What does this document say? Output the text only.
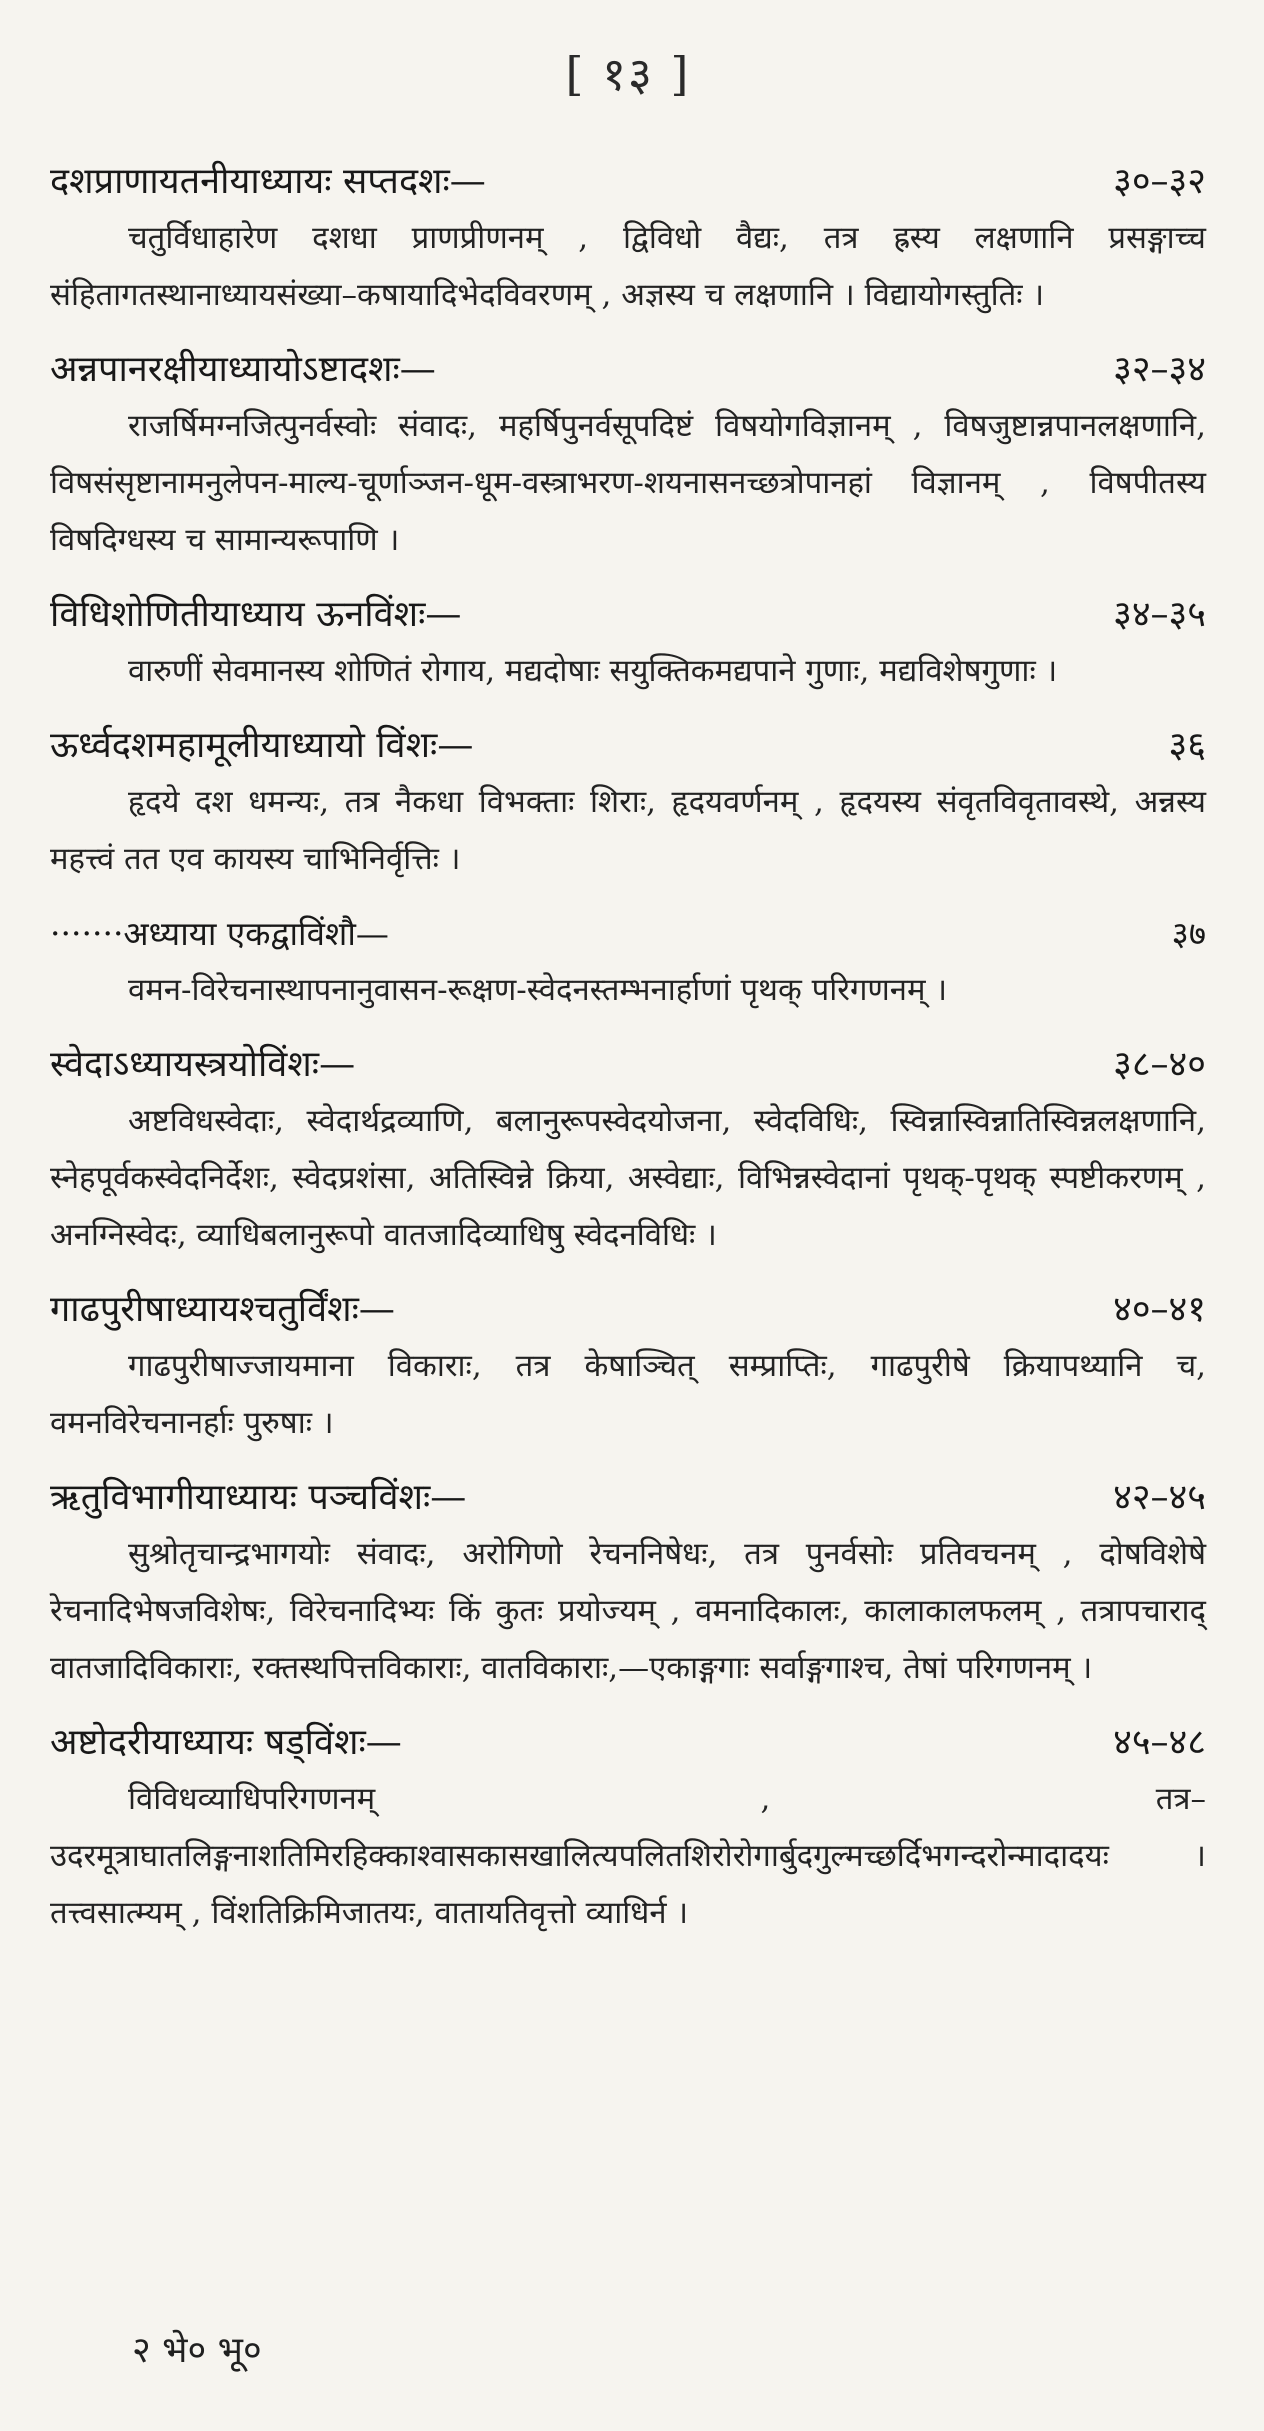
[ १३ ]
दशप्राणायतनीयाध्यायः सप्तदशः—	३०–३२
चतुर्विधाहारेण दशधा प्राणप्रीणनम् , द्विविधो वैद्यः, तत्र ह्रस्य लक्षणानि प्रसङ्गाच्च संहितागतस्थानाध्यायसंख्या–कषायादिभेदविवरणम् , अज्ञस्य च लक्षणानि । विद्यायोगस्तुतिः ।
अन्नपानरक्षीयाध्यायोऽष्टादशः—	३२–३४
राजर्षिमग्नजित्पुनर्वस्वोः संवादः, महर्षिपुनर्वसूपदिष्टं विषयोगविज्ञानम् , विषजुष्टान्नपानलक्षणानि, विषसंसृष्टानामनुलेपन-माल्य-चूर्णाञ्जन-धूम-वस्त्राभरण-शयनासनच्छत्रोपानहां विज्ञानम् , विषपीतस्य विषदिग्धस्य च सामान्यरूपाणि ।
विधिशोणितीयाध्याय ऊनविंशः—	३४–३५
वारुणीं सेवमानस्य शोणितं रोगाय, मद्यदोषाः सयुक्तिकमद्यपाने गुणाः, मद्यविशेषगुणाः ।
ऊर्ध्वदशमहामूलीयाध्यायो विंशः—	३६
हृदये दश धमन्यः, तत्र नैकधा विभक्ताः शिराः, हृदयवर्णनम् , हृदयस्य संवृतविवृतावस्थे, अन्नस्य महत्त्वं तत एव कायस्य चाभिनिर्वृत्तिः ।
·······अध्याया एकद्वाविंशौ—	३७
वमन-विरेचनास्थापनानुवासन-रूक्षण-स्वेदनस्तम्भनार्हाणां पृथक् परिगणनम् ।
स्वेदाऽध्यायस्त्रयोविंशः—	३८–४०
अष्टविधस्वेदाः, स्वेदार्थद्रव्याणि, बलानुरूपस्वेदयोजना, स्वेदविधिः, स्विन्नास्विन्नातिस्विन्नलक्षणानि, स्नेहपूर्वकस्वेदनिर्देशः, स्वेदप्रशंसा, अतिस्विन्ने क्रिया, अस्वेद्याः, विभिन्नस्वेदानां पृथक्-पृथक् स्पष्टीकरणम् , अनग्निस्वेदः, व्याधिबलानुरूपो वातजादिव्याधिषु स्वेदनविधिः ।
गाढपुरीषाध्यायश्चतुर्विंशः—	४०–४१
गाढपुरीषाज्जायमाना विकाराः, तत्र केषाञ्चित् सम्प्राप्तिः, गाढपुरीषे क्रियापथ्यानि च, वमनविरेचनानर्हाः पुरुषाः ।
ऋतुविभागीयाध्यायः पञ्चविंशः—	४२–४५
सुश्रोतृचान्द्रभागयोः संवादः, अरोगिणो रेचननिषेधः, तत्र पुनर्वसोः प्रतिवचनम् , दोषविशेषे रेचनादिभेषजविशेषः, विरेचनादिभ्यः किं कुतः प्रयोज्यम् , वमनादिकालः, कालाकालफलम् , तत्रापचाराद् वातजादिविकाराः, रक्तस्थपित्तविकाराः, वातविकाराः,—एकाङ्गगाः सर्वाङ्गगाश्च, तेषां परिगणनम् ।
अष्टोदरीयाध्यायः षड्विंशः—	४५–४८
विविधव्याधिपरिगणनम् , तत्र–उदरमूत्राघातलिङ्गनाशतिमिरहिक्काश्वासकासखालित्यपलितशिरोरोगार्बुदगुल्मच्छर्दिभगन्दरोन्मादादयः । तत्त्वसात्म्यम् , विंशतिक्रिमिजातयः, वातायतिवृत्तो व्याधिर्न ।
२ भे० भू०
